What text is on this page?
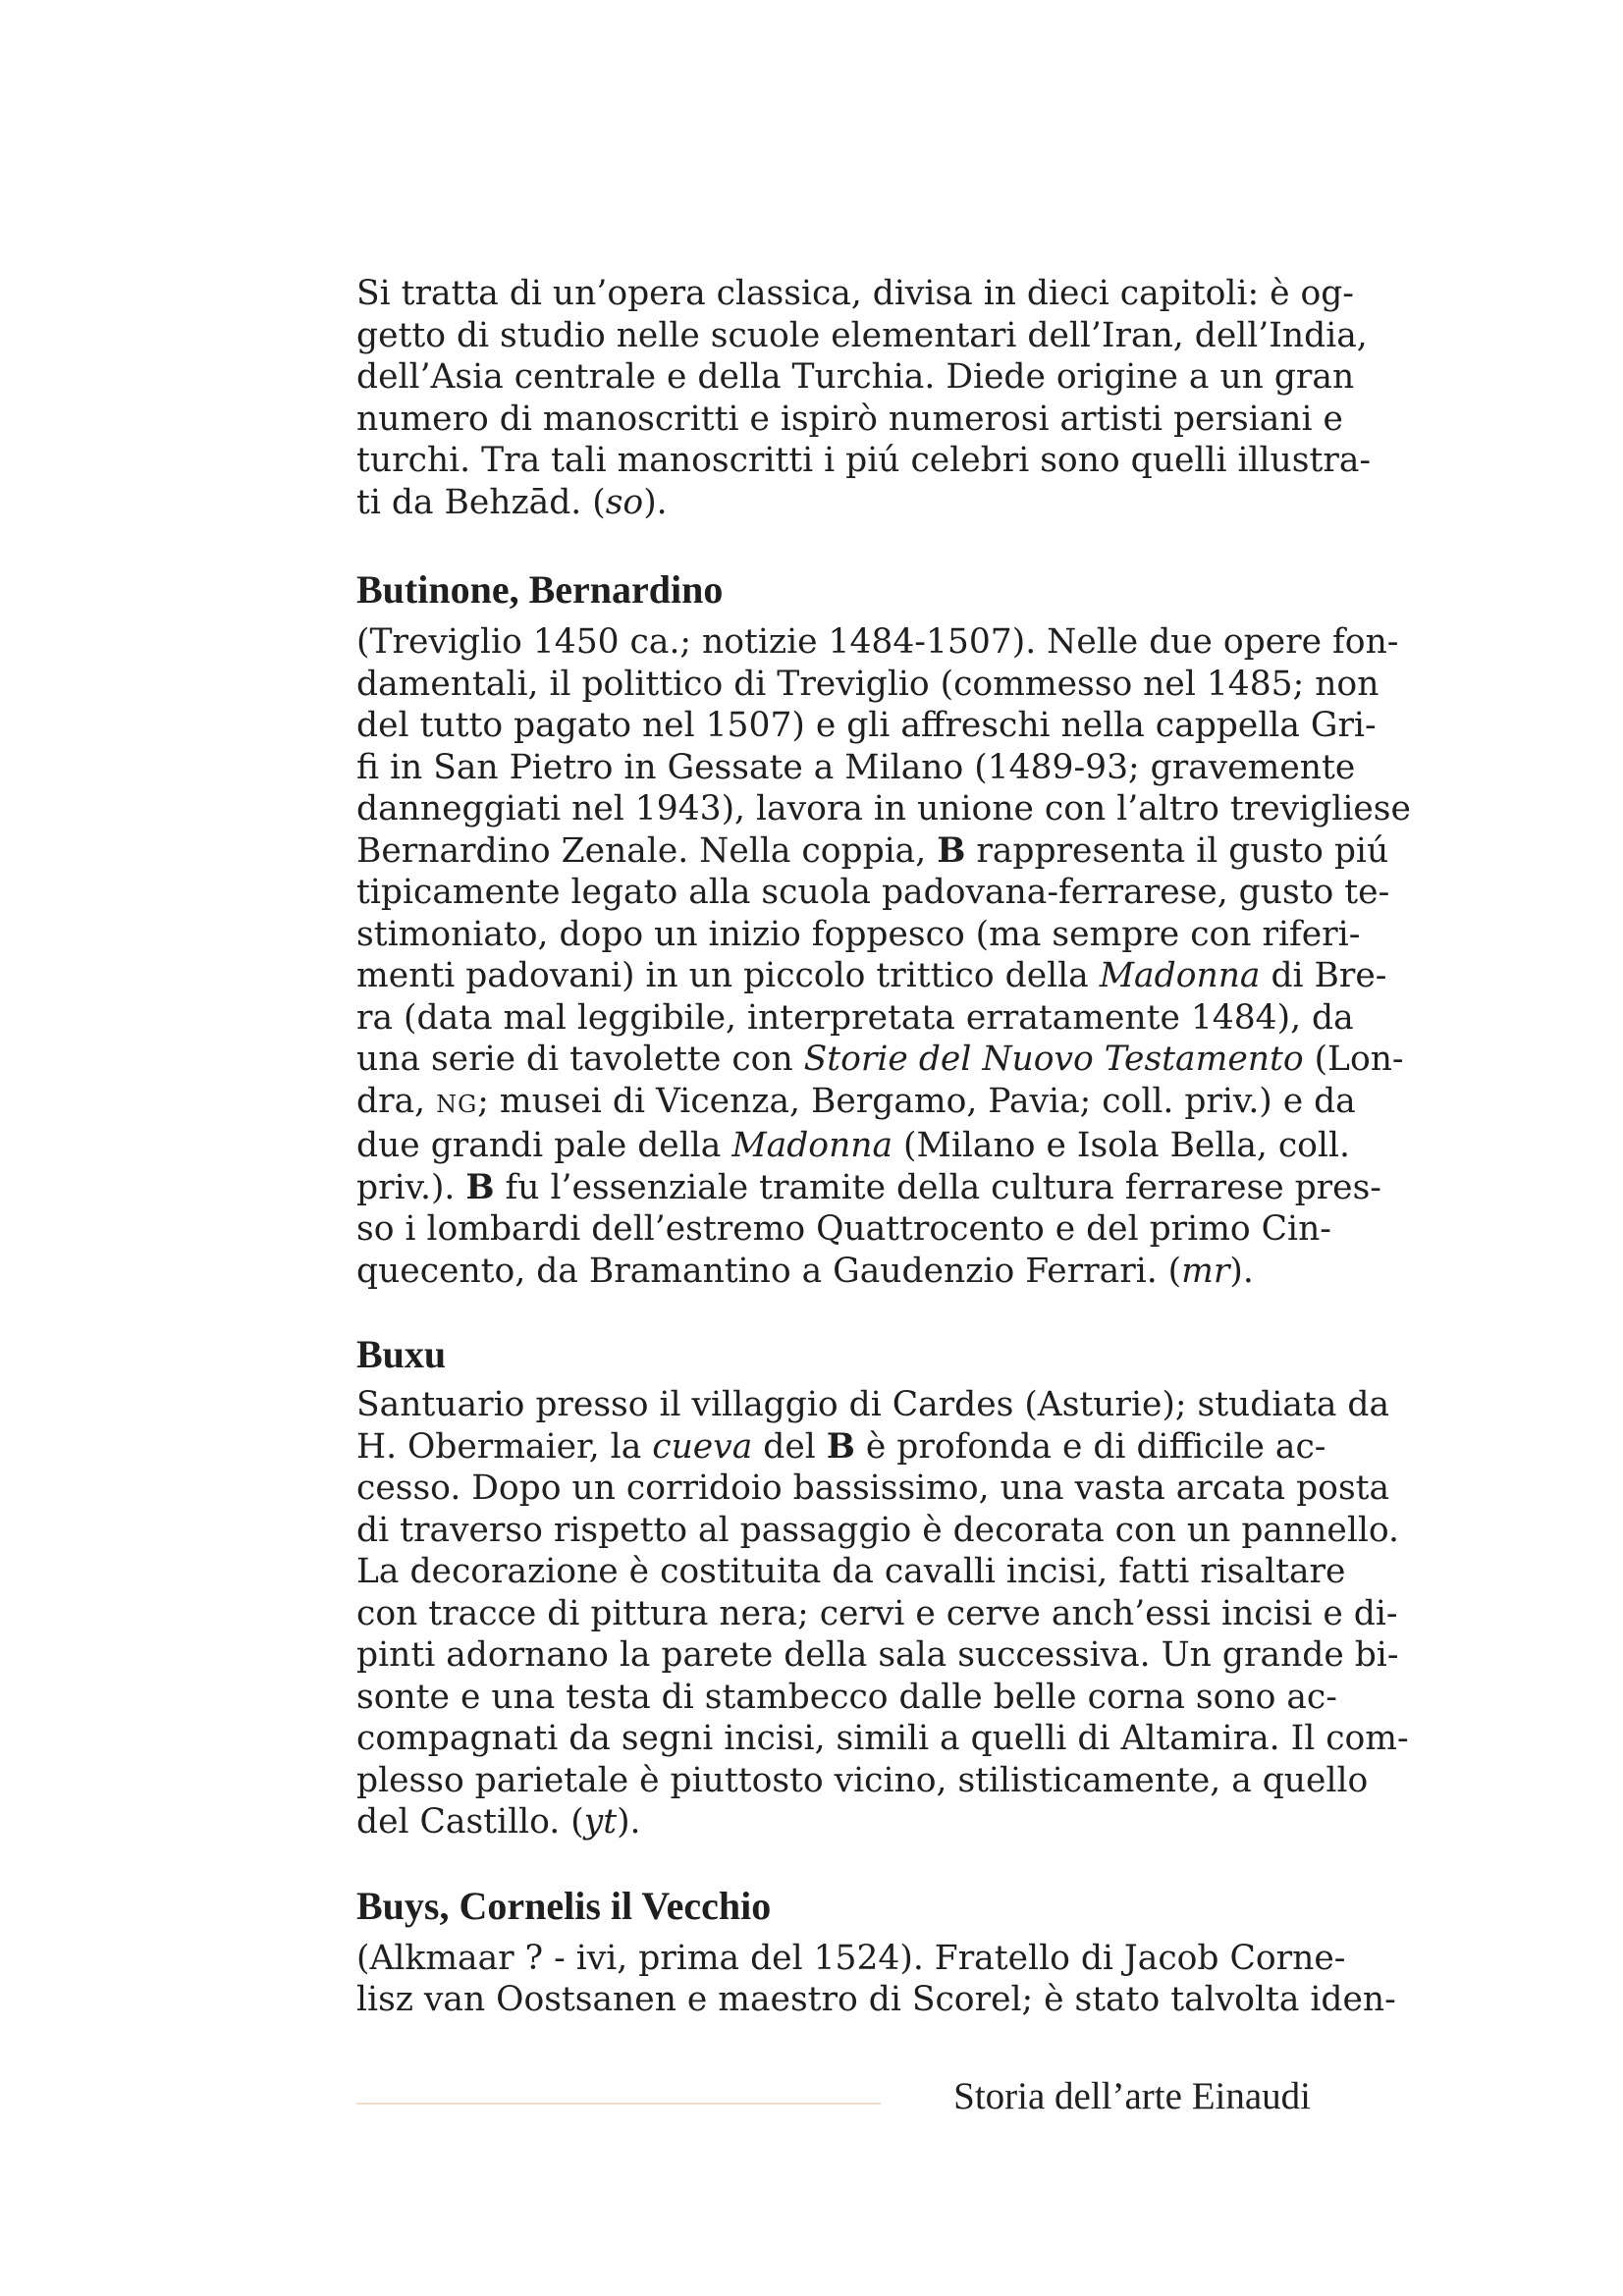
Si tratta di un’opera classica, divisa in dieci capitoli: è og-
getto di studio nelle scuole elementari dell’Iran, dell’India,
dell’Asia centrale e della Turchia. Diede origine a un gran
numero di manoscritti e ispirò numerosi artisti persiani e
turchi. Tra tali manoscritti i piú celebri sono quelli illustra-
ti da Behzād. (so).

Butinone, Bernardino

(Treviglio 1450 ca.; notizie 1484-1507). Nelle due opere fon-
damentali, il polittico di Treviglio (commesso nel 1485; non
del tutto pagato nel 1507) e gli affreschi nella cappella Gri-
fi in San Pietro in Gessate a Milano (1489-93; gravemente
danneggiati nel 1943), lavora in unione con l’altro trevigliese
Bernardino Zenale. Nella coppia, B rappresenta il gusto piú
tipicamente legato alla scuola padovana-ferrarese, gusto te-
stimoniato, dopo un inizio foppesco (ma sempre con riferi-
menti padovani) in un piccolo trittico della Madonna di Bre-
ra (data mal leggibile, interpretata erratamente 1484), da
una serie di tavolette con Storie del Nuovo Testamento (Lon-
dra, NG; musei di Vicenza, Bergamo, Pavia; coll. priv.) e da
due grandi pale della Madonna (Milano e Isola Bella, coll.
priv.). B fu l’essenziale tramite della cultura ferrarese pres-
so i lombardi dell’estremo Quattrocento e del primo Cin-
quecento, da Bramantino a Gaudenzio Ferrari. (mr).

Buxu

Santuario presso il villaggio di Cardes (Asturie); studiata da
H. Obermaier, la cueva del B è profonda e di difficile ac-
cesso. Dopo un corridoio bassissimo, una vasta arcata posta
di traverso rispetto al passaggio è decorata con un pannello.
La decorazione è costituita da cavalli incisi, fatti risaltare
con tracce di pittura nera; cervi e cerve anch’essi incisi e di-
pinti adornano la parete della sala successiva. Un grande bi-
sonte e una testa di stambecco dalle belle corna sono ac-
compagnati da segni incisi, simili a quelli di Altamira. Il com-
plesso parietale è piuttosto vicino, stilisticamente, a quello
del Castillo. (yt).

Buys, Cornelis il Vecchio

(Alkmaar ? - ivi, prima del 1524). Fratello di Jacob Corne-
lisz van Oostsanen e maestro di Scorel; è stato talvolta iden-

Storia dell’arte Einaudi
